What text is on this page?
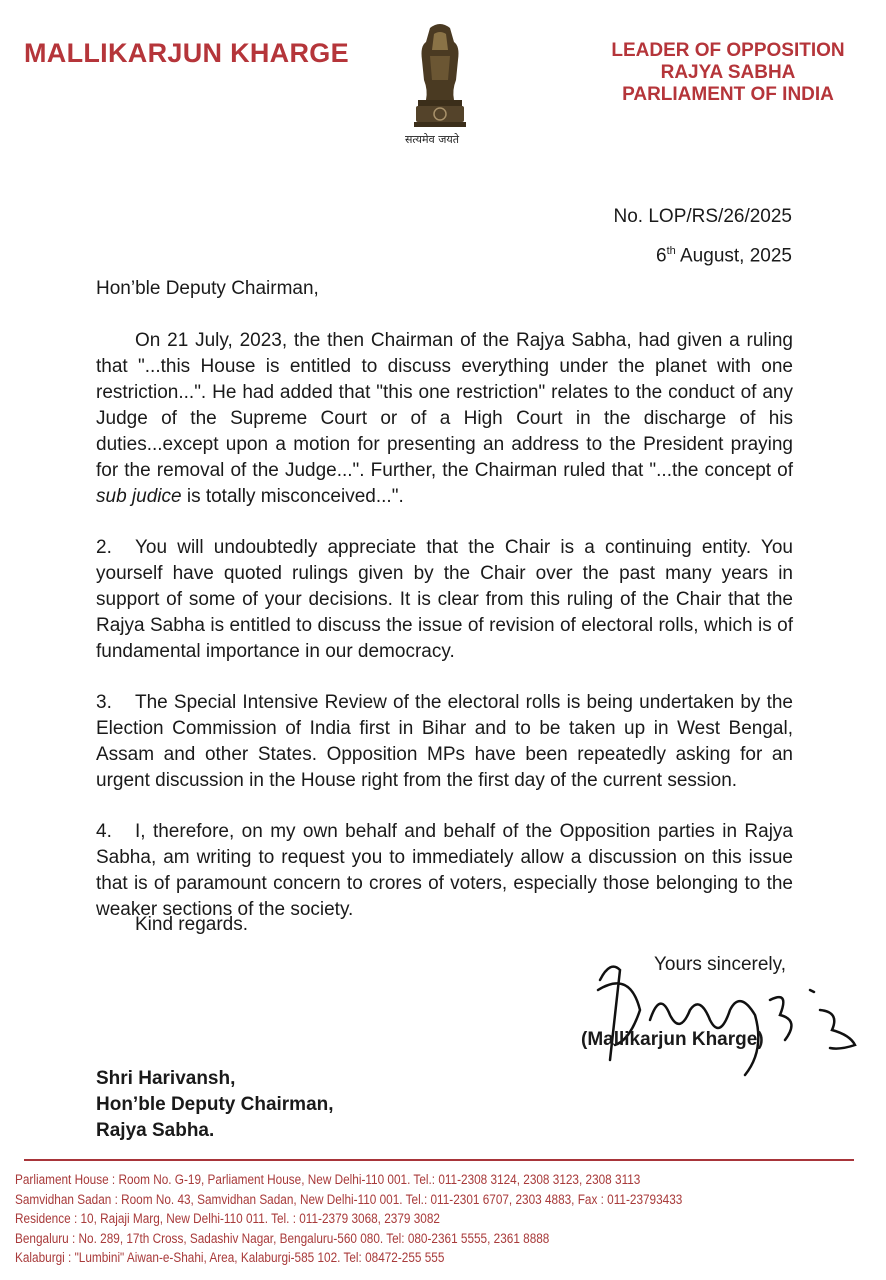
MALLIKARJUN KHARGE
सत्यमेव जयते
LEADER OF OPPOSITION
RAJYA SABHA
PARLIAMENT OF INDIA
No. LOP/RS/26/2025
6th August, 2025
Hon’ble Deputy Chairman,

On 21 July, 2023, the then Chairman of the Rajya Sabha, had given a ruling that "...this House is entitled to discuss everything under the planet with one restriction...". He had added that "this one restriction" relates to the conduct of any Judge of the Supreme Court or of a High Court in the discharge of his duties...except upon a motion for presenting an address to the President praying for the removal of the Judge...". Further, the Chairman ruled that "...the concept of sub judice is totally misconceived...".

2. You will undoubtedly appreciate that the Chair is a continuing entity. You yourself have quoted rulings given by the Chair over the past many years in support of some of your decisions. It is clear from this ruling of the Chair that the Rajya Sabha is entitled to discuss the issue of revision of electoral rolls, which is of fundamental importance in our democracy.

3. The Special Intensive Review of the electoral rolls is being undertaken by the Election Commission of India first in Bihar and to be taken up in West Bengal, Assam and other States. Opposition MPs have been repeatedly asking for an urgent discussion in the House right from the first day of the current session.

4. I, therefore, on my own behalf and behalf of the Opposition parties in Rajya Sabha, am writing to request you to immediately allow a discussion on this issue that is of paramount concern to crores of voters, especially those belonging to the weaker sections of the society.

Kind regards.
Yours sincerely,
(Mallikarjun Kharge)
Shri Harivansh,
Hon’ble Deputy Chairman,
Rajya Sabha.
Parliament House : Room No. G-19, Parliament House, New Delhi-110 001. Tel.: 011-2308 3124, 2308 3123, 2308 3113
Samvidhan Sadan : Room No. 43, Samvidhan Sadan, New Delhi-110 001. Tel.: 011-2301 6707, 2303 4883, Fax : 011-23793433
Residence : 10, Rajaji Marg, New Delhi-110 011. Tel. : 011-2379 3068, 2379 3082
Bengaluru : No. 289, 17th Cross, Sadashiv Nagar, Bengaluru-560 080. Tel: 080-2361 5555, 2361 8888
Kalaburgi : "Lumbini" Aiwan-e-Shahi, Area, Kalaburgi-585 102. Tel: 08472-255 555
